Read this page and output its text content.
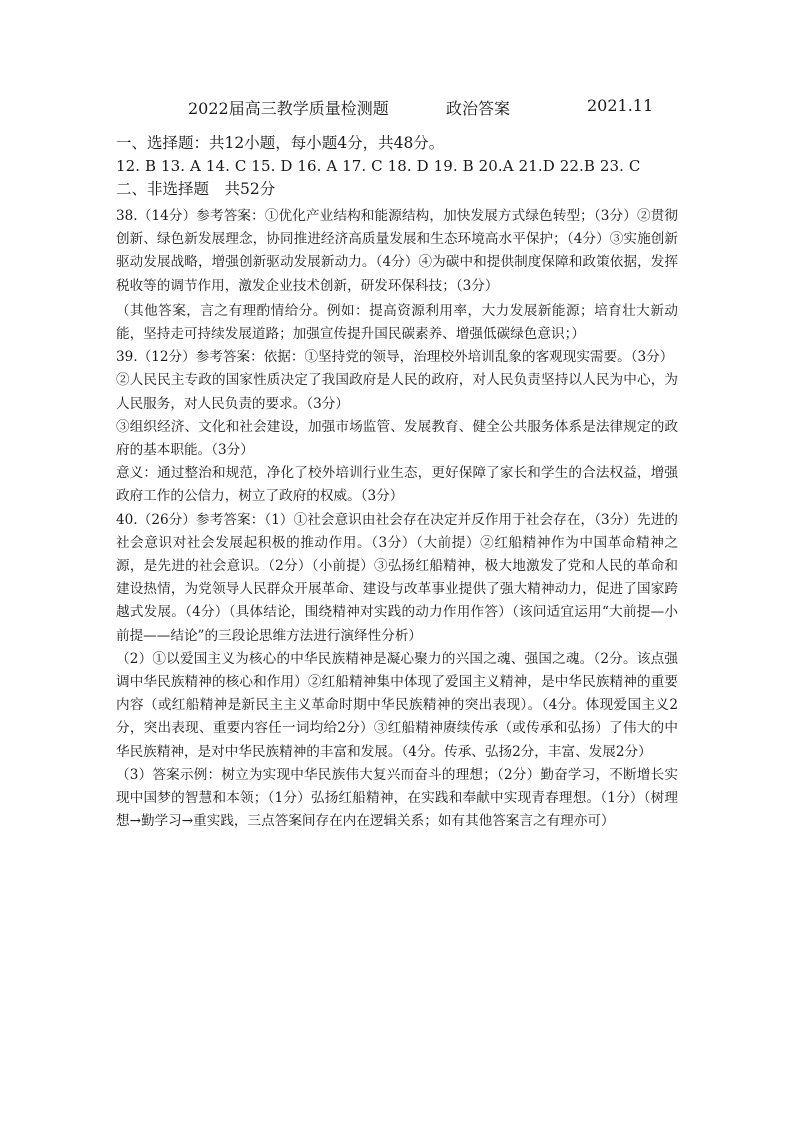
2022届高三教学质量检测题	政治答案	2021.11

一、选择题：共12小题，每小题4分，共48分。

12. B 13. A 14. C 15. D 16. A 17. C 18. D 19. B 20.A 21.D 22.B 23. C

二、非选择题　共52分

38.（14分）参考答案：①优化产业结构和能源结构，加快发展方式绿色转型；（3分）②贯彻创新、绿色新发展理念，协同推进经济高质量发展和生态环境高水平保护；（4分）③实施创新驱动发展战略，增强创新驱动发展新动力。（4分）④为碳中和提供制度保障和政策依据，发挥税收等的调节作用，激发企业技术创新，研发环保科技；（3分）

（其他答案，言之有理酌情给分。例如：提高资源利用率，大力发展新能源；培育壮大新动能，坚持走可持续发展道路；加强宣传提升国民碳素养、增强低碳绿色意识；）

39.（12分）参考答案：依据：①坚持党的领导，治理校外培训乱象的客观现实需要。（3分）

②人民民主专政的国家性质决定了我国政府是人民的政府，对人民负责坚持以人民为中心，为人民服务，对人民负责的要求。（3分）

③组织经济、文化和社会建设，加强市场监管、发展教育、健全公共服务体系是法律规定的政府的基本职能。（3分）

意义：通过整治和规范，净化了校外培训行业生态，更好保障了家长和学生的合法权益，增强政府工作的公信力，树立了政府的权威。（3分）

40.（26分）参考答案：（1）①社会意识由社会存在决定并反作用于社会存在，（3分）先进的社会意识对社会发展起积极的推动作用。（3分）（大前提）②红船精神作为中国革命精神之源，是先进的社会意识。（2分）（小前提）③弘扬红船精神，极大地激发了党和人民的革命和建设热情，为党领导人民群众开展革命、建设与改革事业提供了强大精神动力，促进了国家跨越式发展。（4分）（具体结论，围绕精神对实践的动力作用作答）（该问适宜运用“大前提—小前提——结论”的三段论思维方法进行演绎性分析）

（2）①以爱国主义为核心的中华民族精神是凝心聚力的兴国之魂、强国之魂。（2分。该点强调中华民族精神的核心和作用）②红船精神集中体现了爱国主义精神，是中华民族精神的重要内容（或红船精神是新民主主义革命时期中华民族精神的突出表现）。（4分。体现爱国主义2分，突出表现、重要内容任一词均给2分）③红船精神赓续传承（或传承和弘扬）了伟大的中华民族精神，是对中华民族精神的丰富和发展。（4分。传承、弘扬2分，丰富、发展2分）

（3）答案示例：树立为实现中华民族伟大复兴而奋斗的理想；（2分）勤奋学习，不断增长实现中国梦的智慧和本领；（1分）弘扬红船精神，在实践和奉献中实现青春理想。（1分）（树理想→勤学习→重实践，三点答案间存在内在逻辑关系；如有其他答案言之有理亦可）
